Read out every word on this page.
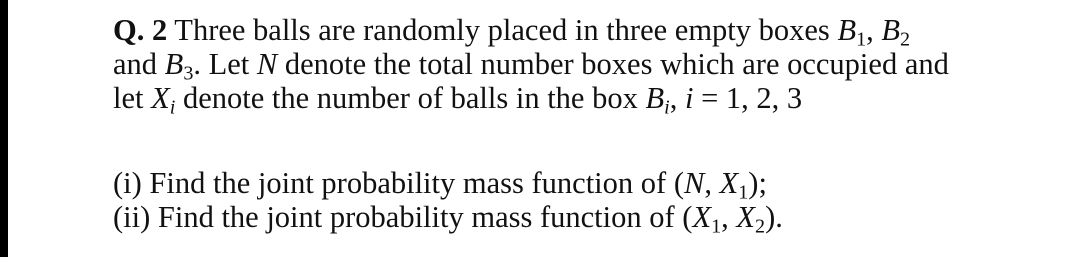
Q. 2 Three balls are randomly placed in three empty boxes $B_1$, $B_2$
and $B_3$. Let N denote the total number boxes which are occupied and
let $X_i$ denote the number of balls in the box $B_i$, i = 1, 2, 3
(i) Find the joint probability mass function of (N, $X_1$);
(ii) Find the joint probability mass function of ($X_1$, $X_2$).
